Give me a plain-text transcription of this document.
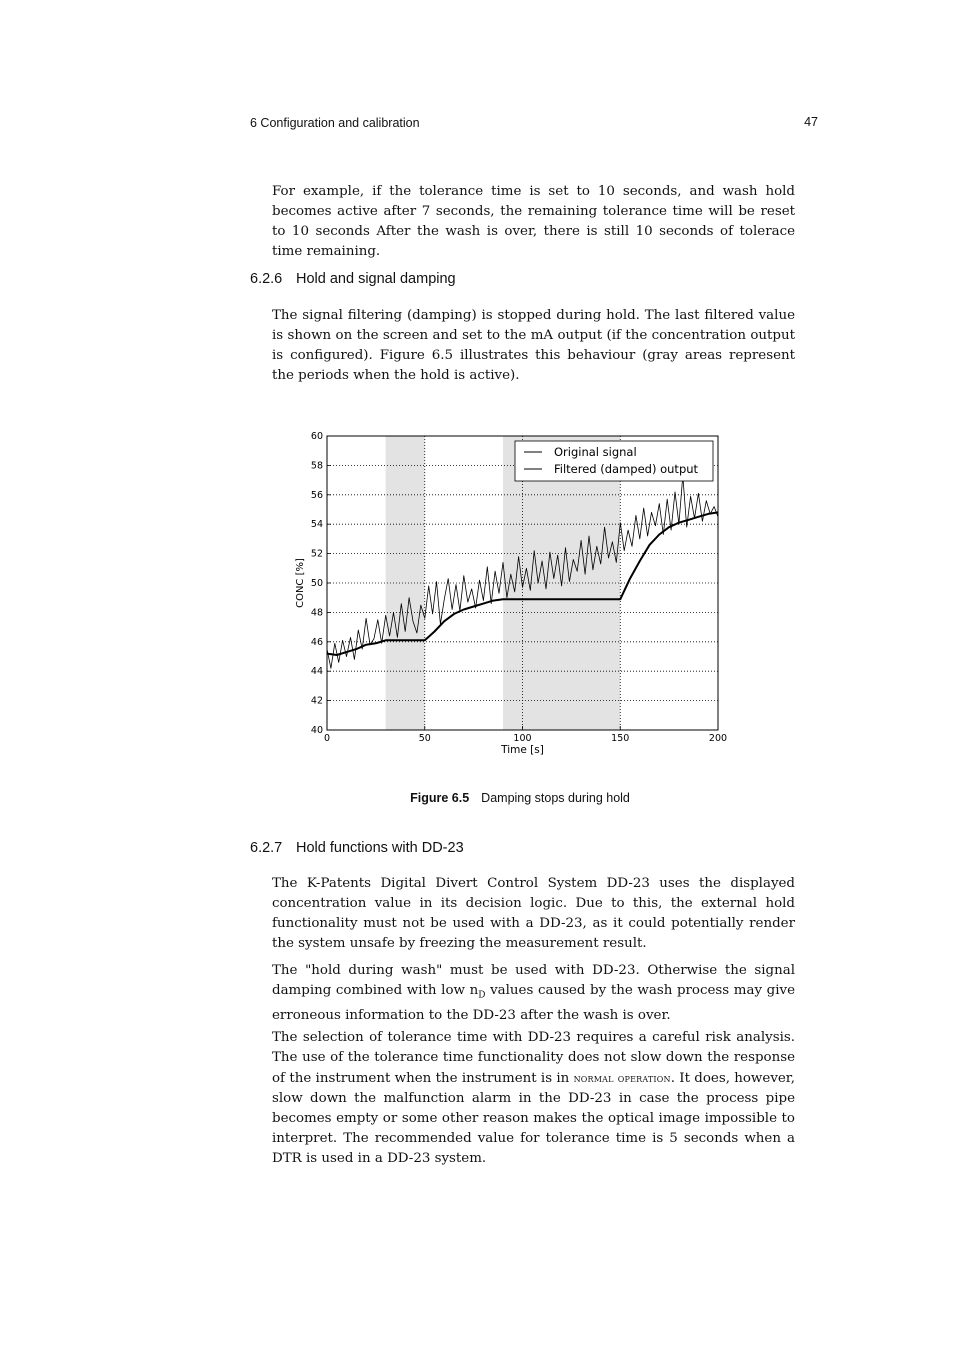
6 Configuration and calibration	47

For example, if the tolerance time is set to 10 seconds, and wash hold becomes active after 7 seconds, the remaining tolerance time will be reset to 10 seconds After the wash is over, there is still 10 seconds of tolerace time remaining.

6.2.6 Hold and signal damping

The signal filtering (damping) is stopped during hold. The last filtered value is shown on the screen and set to the mA output (if the concentration output is configured). Figure 6.5 illustrates this behaviour (gray areas represent the periods when the hold is active).

0	50	100	150	200
40
42
44
46
48
50
52
54
56
58
60
Time [s]
CONC [%]
Original signal
Filtered (damped) output
Figure 6.5 Damping stops during hold
6.2.7 Hold functions with DD-23

The K-Patents Digital Divert Control System DD-23 uses the displayed concentration value in its decision logic. Due to this, the external hold functionality must not be used with a DD-23, as it could potentially render the system unsafe by freezing the measurement result.

The "hold during wash" must be used with DD-23. Otherwise the signal damping combined with low $n_D$ values caused by the wash process may give erroneous information to the DD-23 after the wash is over.

The selection of tolerance time with DD-23 requires a careful risk analysis. The use of the tolerance time functionality does not slow down the response of the instrument when the instrument is in normal operation. It does, however, slow down the malfunction alarm in the DD-23 in case the process pipe becomes empty or some other reason makes the optical image impossible to interpret. The recommended value for tolerance time is 5 seconds when a DTR is used in a DD-23 system.
